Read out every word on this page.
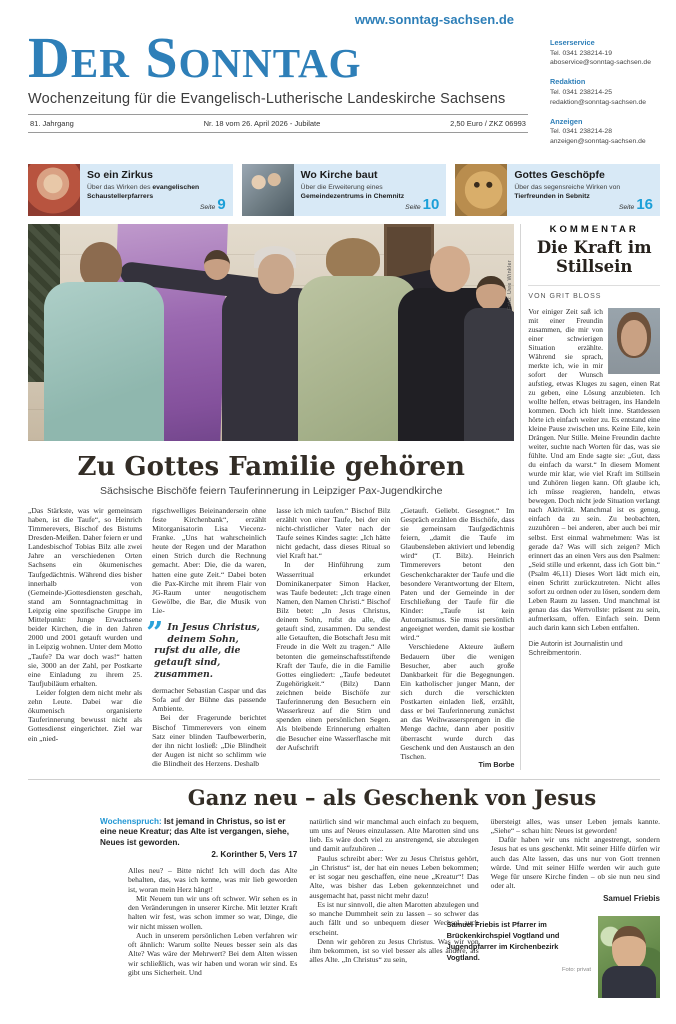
www.sonntag-sachsen.de
Der Sonntag
Wochenzeitung für die Evangelisch-Lutherische Landeskirche Sachsens
81. Jahrgang	Nr. 18 vom 26. April 2026 - Jubilate	2,50 Euro / ZKZ 06993
Leserservice
Tel. 0341 238214-19
aboservice@sonntag-sachsen.de
Redaktion
Tel. 0341 238214-25
redaktion@sonntag-sachsen.de
Anzeigen
Tel. 0341 238214-28
anzeigen@sonntag-sachsen.de
So ein Zirkus
Über das Wirken des evangelischen Schaustellerpfarrers
Seite 9
Wo Kirche baut
Über die Erweiterung eines Gemeindezentrums in Chemnitz
Seite 10
Gottes Geschöpfe
Über das segensreiche Wirken von Tierfreunden in Sebnitz
Seite 16
Foto: Uwe Winkler
Zu Gottes Familie gehören
Sächsische Bischöfe feiern Tauferinnerung in Leipziger Pax-Jugendkirche

„Das Stärkste, was wir gemeinsam haben, ist die Taufe“, so Heinrich Timmerevers, Bischof des Bistums Dresden-Meißen. Daher feiern er und Landesbischof Tobias Bilz alle zwei Jahre an verschiedenen Orten Sachsens ein ökumenisches Taufgedächtnis. Während dies bisher innerhalb von (Gemeinde-)Gottesdiensten geschah, stand am Sonntagnachmittag in Leipzig eine spezifische Gruppe im Mittelpunkt: Junge Erwachsene beider Kirchen, die in den Jahren 2000 und 2001 getauft wurden und in Leipzig wohnen. Unter dem Motto „Taufe? Da war doch was!“ hatten sie, 3000 an der Zahl, per Postkarte eine Einladung zu ihrem 25. Taufjubiläum erhalten.

Leider folgten dem nicht mehr als zehn Leute. Dabei war die ökumenisch organisierte Tauferinnerung bewusst nicht als Gottesdienst eingerichtet. Ziel war ein „nied-

rigschwelliges Beieinandersein ohne feste Kirchenbank“, erzählt Mitorganisatorin Lisa Viecenz-Franke. „Uns hat wahrscheinlich heute der Regen und der Marathon einen Strich durch die Rechnung gemacht. Aber: Die, die da waren, hatten eine gute Zeit.“ Dabei boten die Pax-Kirche mit ihrem Flair von JG-Raum unter neugotischem Gewölbe, die Bar, die Musik von Lie-

” In Jesus Christus, deinem Sohn, rufst du alle, die getauft sind, zusammen.

dermacher Sebastian Caspar und das Sofa auf der Bühne das passende Ambiente.

Bei der Fragerunde berichtet Bischof Timmerevers von einem Satz einer blinden Taufbewerberin, der ihn nicht losließ: „Die Blindheit der Augen ist nicht so schlimm wie die Blindheit des Herzens. Deshalb

lasse ich mich taufen.“ Bischof Bilz erzählt von einer Taufe, bei der ein nicht-christlicher Vater nach der Taufe seines Kindes sagte: „Ich hätte nicht gedacht, dass dieses Ritual so viel Kraft hat.“

In der Hinführung zum Wasserritual erkundet Dominikanerpater Simon Hacker, was Taufe bedeutet: „Ich trage einen Namen, den Namen Christi.“ Bischof Bilz betet: „In Jesus Christus, deinem Sohn, rufst du alle, die getauft sind, zusammen. Du sendest alle Getauften, die Botschaft Jesu mit Freude in die Welt zu tragen.“ Alle betonten die gemeinschaftsstiftende Kraft der Taufe, die in die Familie Gottes eingliedert: „Taufe bedeutet Zugehörigkeit.“ (Bilz) Dann zeichnen beide Bischöfe zur Tauferinnerung den Besuchern ein Wasserkreuz auf die Stirn und spenden einen persönlichen Segen. Als bleibende Erinnerung erhalten die Besucher eine Wasserflasche mit der Aufschrift

„Getauft. Geliebt. Gesegnet.“ Im Gespräch erzählen die Bischöfe, dass sie gemeinsam Taufgedächtnis feiern, „damit die Taufe im Glaubensleben aktiviert und lebendig wird“ (T. Bilz). Heinrich Timmerevers betont den Geschenkcharakter der Taufe und die besondere Verantwortung der Eltern, Paten und der Gemeinde in der Erschließung der Taufe für die Kinder: „Taufe ist kein Automatismus. Sie muss persönlich angeeignet werden, damit sie kostbar wird.“

Verschiedene Akteure äußern Bedauern über die wenigen Besucher, aber auch große Dankbarkeit für die Begegnungen. Ein katholischer junger Mann, der sich durch die verschickten Postkarten einladen ließ, erzählt, dass er bei Tauferinnerung zunächst an das Weihwassersprengen in die Menge dachte, dann aber positiv überrascht wurde durch das Geschenk und den Austausch an den Tischen.

Tim Borbe
KOMMENTAR
Die Kraft im Stillsein
VON GRIT BLOSS
Vor einiger Zeit saß ich mit einer Freundin zusammen, die mir von einer schwierigen Situation erzählte. Während sie sprach, merkte ich, wie in mir sofort der Wunsch aufstieg, etwas Kluges zu sagen, einen Rat zu geben, eine Lösung anzubieten. Ich wollte helfen, etwas beitragen, ins Handeln kommen. Doch ich hielt inne. Stattdessen hörte ich einfach weiter zu. Es entstand eine kleine Pause zwischen uns. Keine Eile, kein Drängen. Nur Stille. Meine Freundin dachte weiter, suchte nach Worten für das, was sie fühlte. Und am Ende sagte sie: „Gut, dass du einfach da warst.“ In diesem Moment wurde mir klar, wie viel Kraft im Stillsein und Zuhören liegen kann. Oft glaube ich, ich müsse reagieren, handeln, etwas bewegen. Doch nicht jede Situation verlangt nach Aktivität. Manchmal ist es genug, einfach da zu sein. Zu beobachten, zuzuhören – bei anderen, aber auch bei mir selbst. Erst einmal wahrnehmen: Was ist gerade da? Was will sich zeigen? Mich erinnert das an einen Vers aus den Psalmen: „Seid stille und erkennt, dass ich Gott bin.“ (Psalm 46,11) Dieses Wort lädt mich ein, einen Schritt zurückzutreten. Nicht alles sofort zu ordnen oder zu lösen, sondern dem Leben Raum zu lassen. Und manchmal ist genau das das Wertvollste: präsent zu sein, aufmerksam, offen. Einfach sein. Denn auch darin kann sich Leben entfalten.
Die Autorin ist Journalistin und Schreibmentorin.
Ganz neu – als Geschenk von Jesus
Wochenspruch: Ist jemand in Christus, so ist er eine neue Kreatur; das Alte ist vergangen, siehe, Neues ist geworden.
2. Korinther 5, Vers 17

Alles neu? – Bitte nicht! Ich will doch das Alte behalten, das, was ich kenne, was mir lieb geworden ist, woran mein Herz hängt!

Mit Neuem tun wir uns oft schwer. Wir sehen es in den Veränderungen in unserer Kirche. Mit letzter Kraft halten wir fest, was schon immer so war, Dinge, die wir nicht missen wollen.

Auch in unserem persönlichen Leben verfahren wir oft ähnlich: Warum sollte Neues besser sein als das Alte? Was wäre der Mehrwert? Bei dem Alten wissen wir schließlich, was wir haben und woran wir sind. Es gibt uns Sicherheit. Und

natürlich sind wir manchmal auch einfach zu bequem, um uns auf Neues einzulassen. Alte Marotten sind uns lieb. Es wäre doch viel zu anstrengend, sie abzulegen und damit aufzuhören ...

Paulus schreibt aber: Wer zu Jesus Christus gehört, „in Christus“ ist, der hat ein neues Leben bekommen; er ist sogar neu geschaffen, eine neue „Kreatur“! Das Alte, was bisher das Leben gekennzeichnet und ausgemacht hat, passt nicht mehr dazu!

Es ist nur sinnvoll, die alten Marotten abzulegen und so manche Dummheit sein zu lassen – so schwer das auch fällt und so unbequem dieser Wechsel auch erscheint.

Denn wir gehören zu Jesus Christus. Was wir von ihm bekommen, ist so viel besser als alles andere, als alles Alte. „In Christus“ zu sein,

übersteigt alles, was unser Leben jemals kannte. „Siehe“ – schau hin: Neues ist geworden!

Dafür haben wir uns nicht angestrengt, sondern Jesus hat es uns geschenkt. Mit seiner Hilfe dürfen wir auch das Alte lassen, das uns nur von Gott trennen würde. Und mit seiner Hilfe werden wir auch gute Wege für unsere Kirche finden – ob sie nun neu sind oder alt.

Samuel Friebis
Samuel Friebis ist Pfarrer im Brückenkirchspiel Vogtland und Jugendpfarrer im Kirchenbezirk Vogtland.
Foto: privat
